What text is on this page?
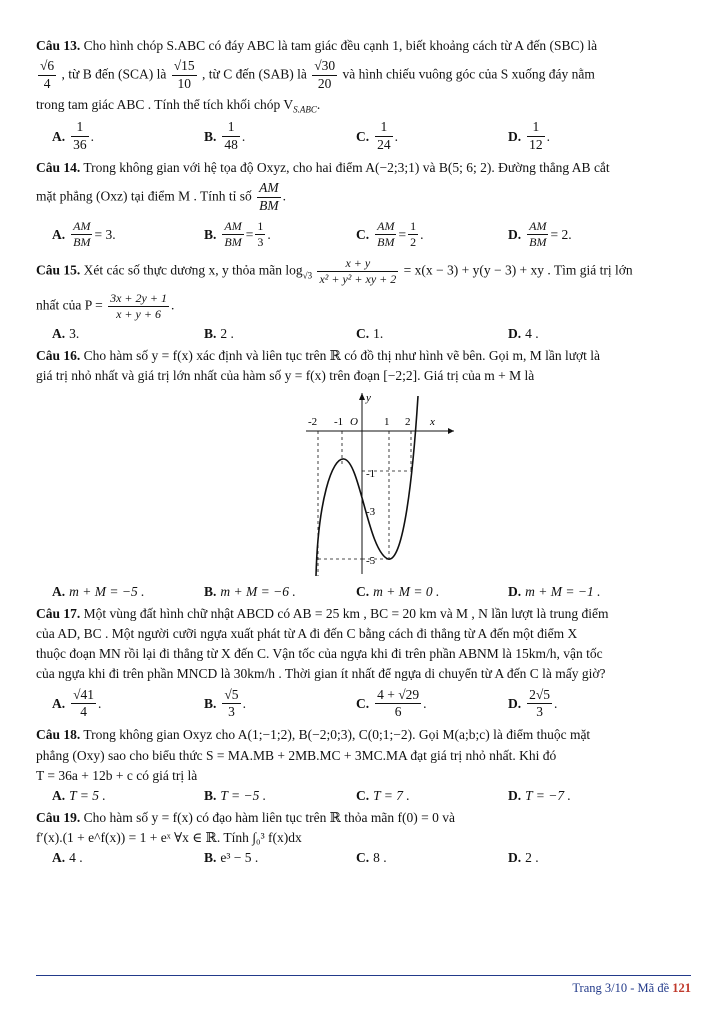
Câu 13. Cho hình chóp S.ABC có đáy ABC là tam giác đều cạnh 1, biết khoảng cách từ A đến (SBC) là
$\frac{√6}{4}$ , từ B đến (SCA) là $\frac{√15}{10}$ , từ C đến (SAB) là $\frac{√30}{20}$ và hình chiếu vuông góc của S xuống đáy nằm
trong tam giác ABC . Tính thể tích khối chóp $V_{S.ABC}$.
A. $\frac{1}{36}$ .	B. $\frac{1}{48}$ .	C. $\frac{1}{24}$ .	D. $\frac{1}{12}$ .
Câu 14. Trong không gian với hệ tọa độ Oxyz, cho hai điểm A(−2;3;1) và B(5; 6; 2). Đường thẳng AB cắt
mặt phẳng (Oxz) tại điểm M . Tính tỉ số $\frac{AM}{BM}$ .
A. $\frac{AM}{BM} = 3$.	B. $\frac{AM}{BM} = \frac{1}{3}$ .	C. $\frac{AM}{BM} = \frac{1}{2}$ .	D. $\frac{AM}{BM} = 2$.
Câu 15. Xét các số thực dương x, y thỏa mãn $\log_{√3} \frac{x + y}{\text{x² + y² + xy + 2}} = x(x - 3) + y(y - 3)$ + xy . Tìm giá trị lớn
nhất của $P = \frac{3x + 2y + 1}{x + y + 6}$ .
A. 3.	B. 2 .	C. 1.	D. 4 .
Câu 16. Cho hàm số y = f(x) xác định và liên tục trên ℝ có đồ thị như hình vẽ bên. Gọi m, M lần lượt là
giá trị nhỏ nhất và giá trị lớn nhất của hàm số y = f(x) trên đoạn [−2;2]. Giá trị của m + M là
y
x
O
-2 -1	1 2
-1
-3
-5
A. m + M = −5 .	B. m + M = −6 .	C. m + M = 0 .	D. m + M = −1 .
Câu 17. Một vùng đất hình chữ nhật ABCD có AB = 25 km , BC = 20 km và M , N lần lượt là trung điểm
của AD, BC . Một người cưỡi ngựa xuất phát từ A đi đến C bằng cách đi thẳng từ A đến một điểm X
thuộc đoạn MN rồi lại đi thẳng từ X đến C. Vận tốc của ngựa khi đi trên phần ABNM là 15km/h, vận tốc
của ngựa khi đi trên phần MNCD là 30km/h . Thời gian ít nhất để ngựa di chuyển từ A đến C là mấy giờ?
A. $\frac{√41}{4}$ .	B. $\frac{√5}{3}$ .	C. $\frac{4 + √29}{6}$ .	D. $\frac{2√5}{3}$ .
Câu 18. Trong không gian Oxyz cho A(1;−1;2), B(−2;0;3), C(0;1;−2). Gọi M(a;b;c) là điểm thuộc mặt
phẳng (Oxy) sao cho biểu thức S = MA.MB + 2MB.MC + 3MC.MA đạt giá trị nhỏ nhất. Khi đó
T = 36a + 12b + c có giá trị là
A. T = 5 .	B. T = −5 .	C. T = 7 .	D. T = −7 .
Câu 19. Cho hàm số y = f(x) có đạo hàm liên tục trên ℝ thỏa mãn f(0) = 0 và
f′(x).(1 + e^f(x)) = 1 + eˣ ∀x ∈ ℝ. Tính ∫₀³ f(x)dx
A. 4 .	B. e³ − 5 .	C. 8 .	D. 2 .
Trang 3/10 - Mã đề 121
